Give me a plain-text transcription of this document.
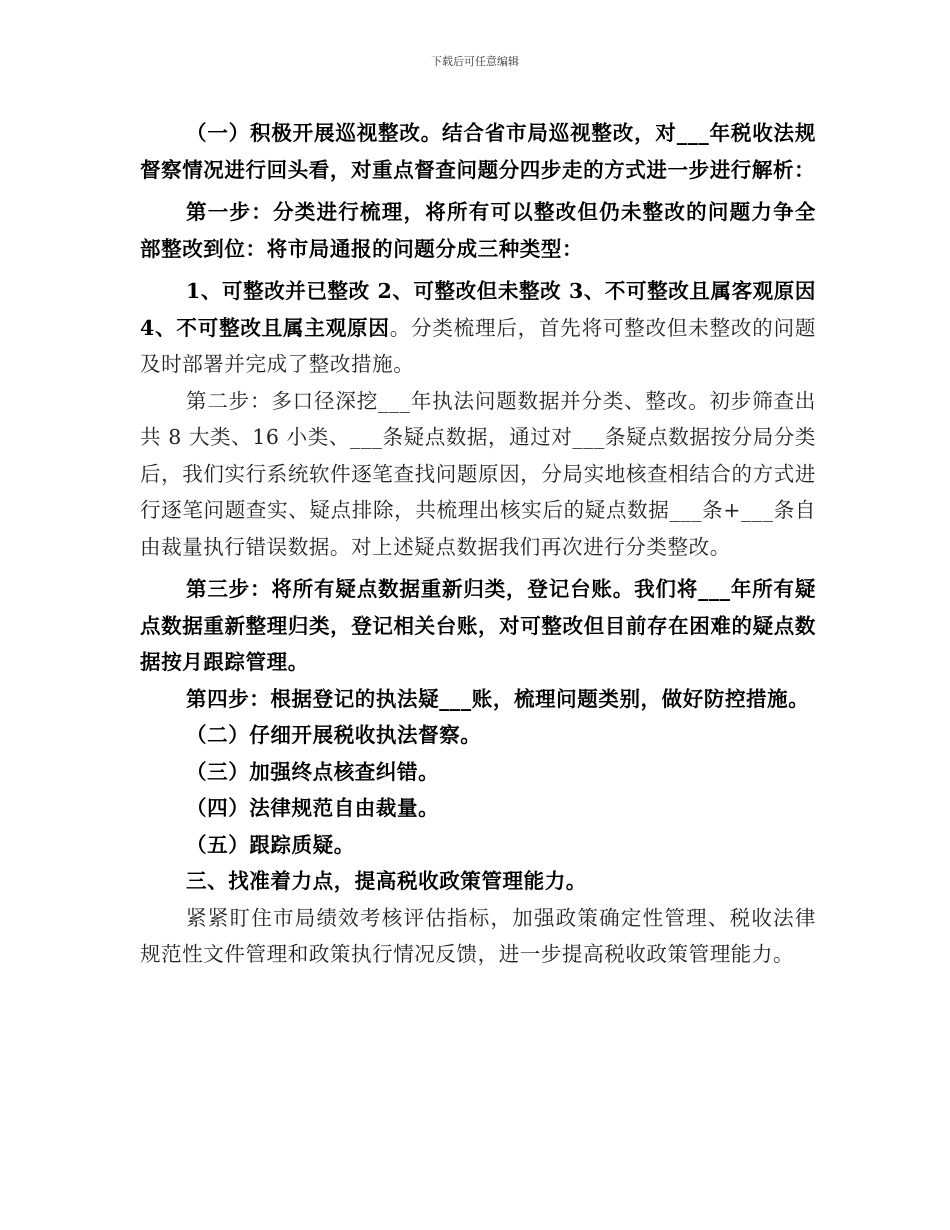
下载后可任意编辑

（一）积极开展巡视整改。结合省市局巡视整改，对___年税收法规督察情况进行回头看，对重点督查问题分四步走的方式进一步进行解析：

第一步：分类进行梳理，将所有可以整改但仍未整改的问题力争全部整改到位：将市局通报的问题分成三种类型：

1、可整改并已整改 2、可整改但未整改 3、不可整改且属客观原因 4、不可整改且属主观原因。分类梳理后，首先将可整改但未整改的问题及时部署并完成了整改措施。

第二步：多口径深挖___年执法问题数据并分类、整改。初步筛查出共 8 大类、16 小类、___条疑点数据，通过对___条疑点数据按分局分类后，我们实行系统软件逐笔查找问题原因，分局实地核查相结合的方式进行逐笔问题查实、疑点排除，共梳理出核实后的疑点数据___条+___条自由裁量执行错误数据。对上述疑点数据我们再次进行分类整改。

第三步：将所有疑点数据重新归类，登记台账。我们将___年所有疑点数据重新整理归类，登记相关台账，对可整改但目前存在困难的疑点数据按月跟踪管理。

第四步：根据登记的执法疑___账，梳理问题类别，做好防控措施。

（二）仔细开展税收执法督察。

（三）加强终点核查纠错。

（四）法律规范自由裁量。

（五）跟踪质疑。

三、找准着力点，提高税收政策管理能力。

紧紧盯住市局绩效考核评估指标，加强政策确定性管理、税收法律规范性文件管理和政策执行情况反馈，进一步提高税收政策管理能力。
